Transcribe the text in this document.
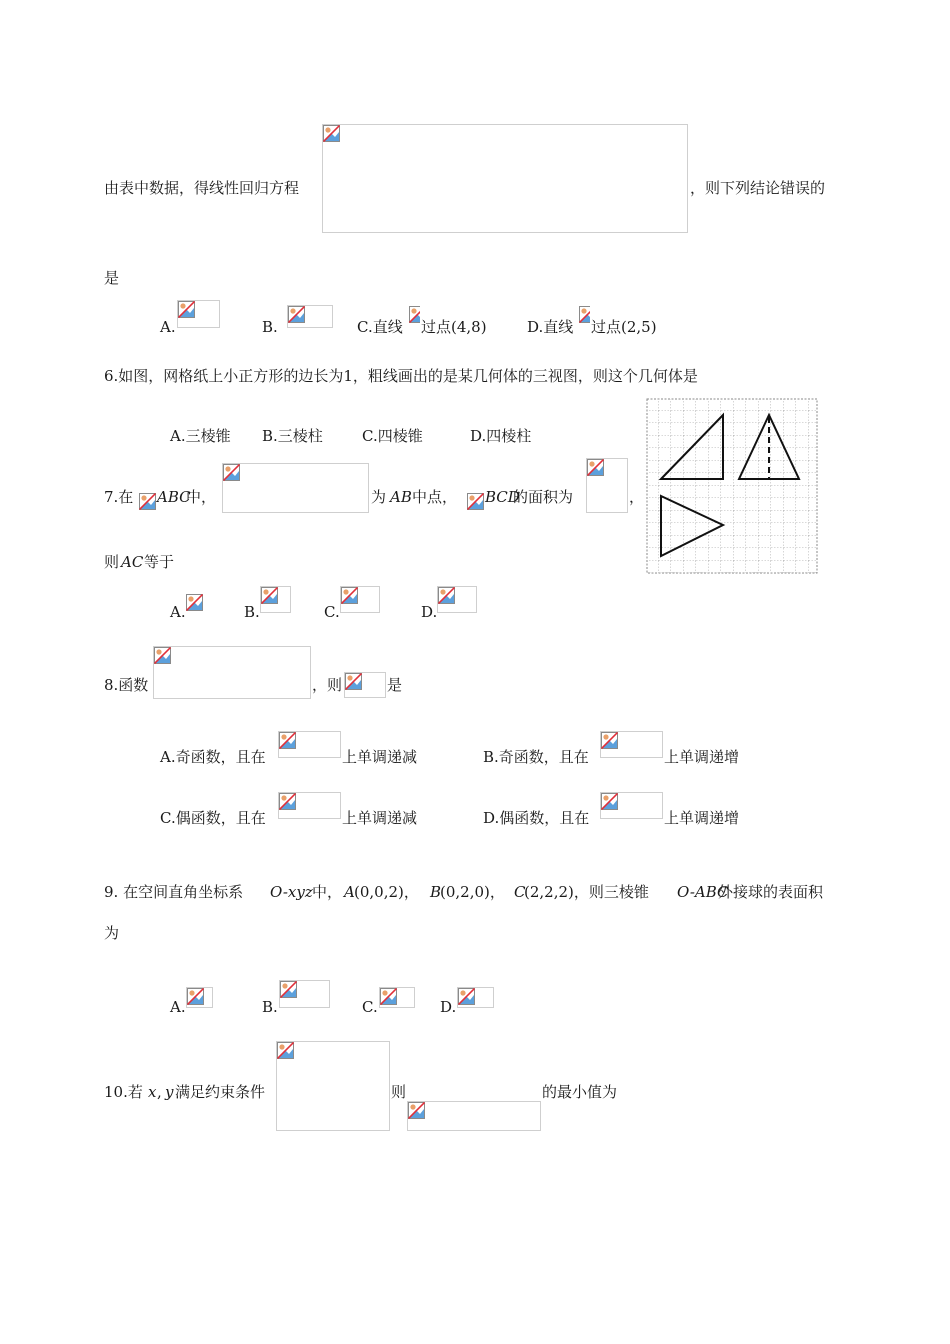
由表中数据，得线性回归方程	，则下列结论错误的
是
A.	B.	C.直线 过点(4,8)	D.直线 过点(2,5)
6.如图，网格纸上小正方形的边长为1，粗线画出的是某几何体的三视图，则这个几何体是
A.三棱锥 B.三棱柱	C.四棱锥	D.四棱柱
7.在 ABC
中，	为 AB 中点， BCD
的面积为	，
则 AC 等于
A.	B.	C.	D.
8.函数	，则	是
A.奇函数，且在	上单调递减	B.奇函数，且在	上单调递增
C.偶函数，且在	上单调递减	D.偶函数，且在	上单调递增
9. 在空间直角坐标系 O-xyz 中， A (0,0,2)， B
(0,2,0)， C
(2,2,2)，则三棱锥 O-ABC
外接球的表面积
为
A.	B.	C.	D.
10.若 x , y 满足约束条件	则	的最小值为
